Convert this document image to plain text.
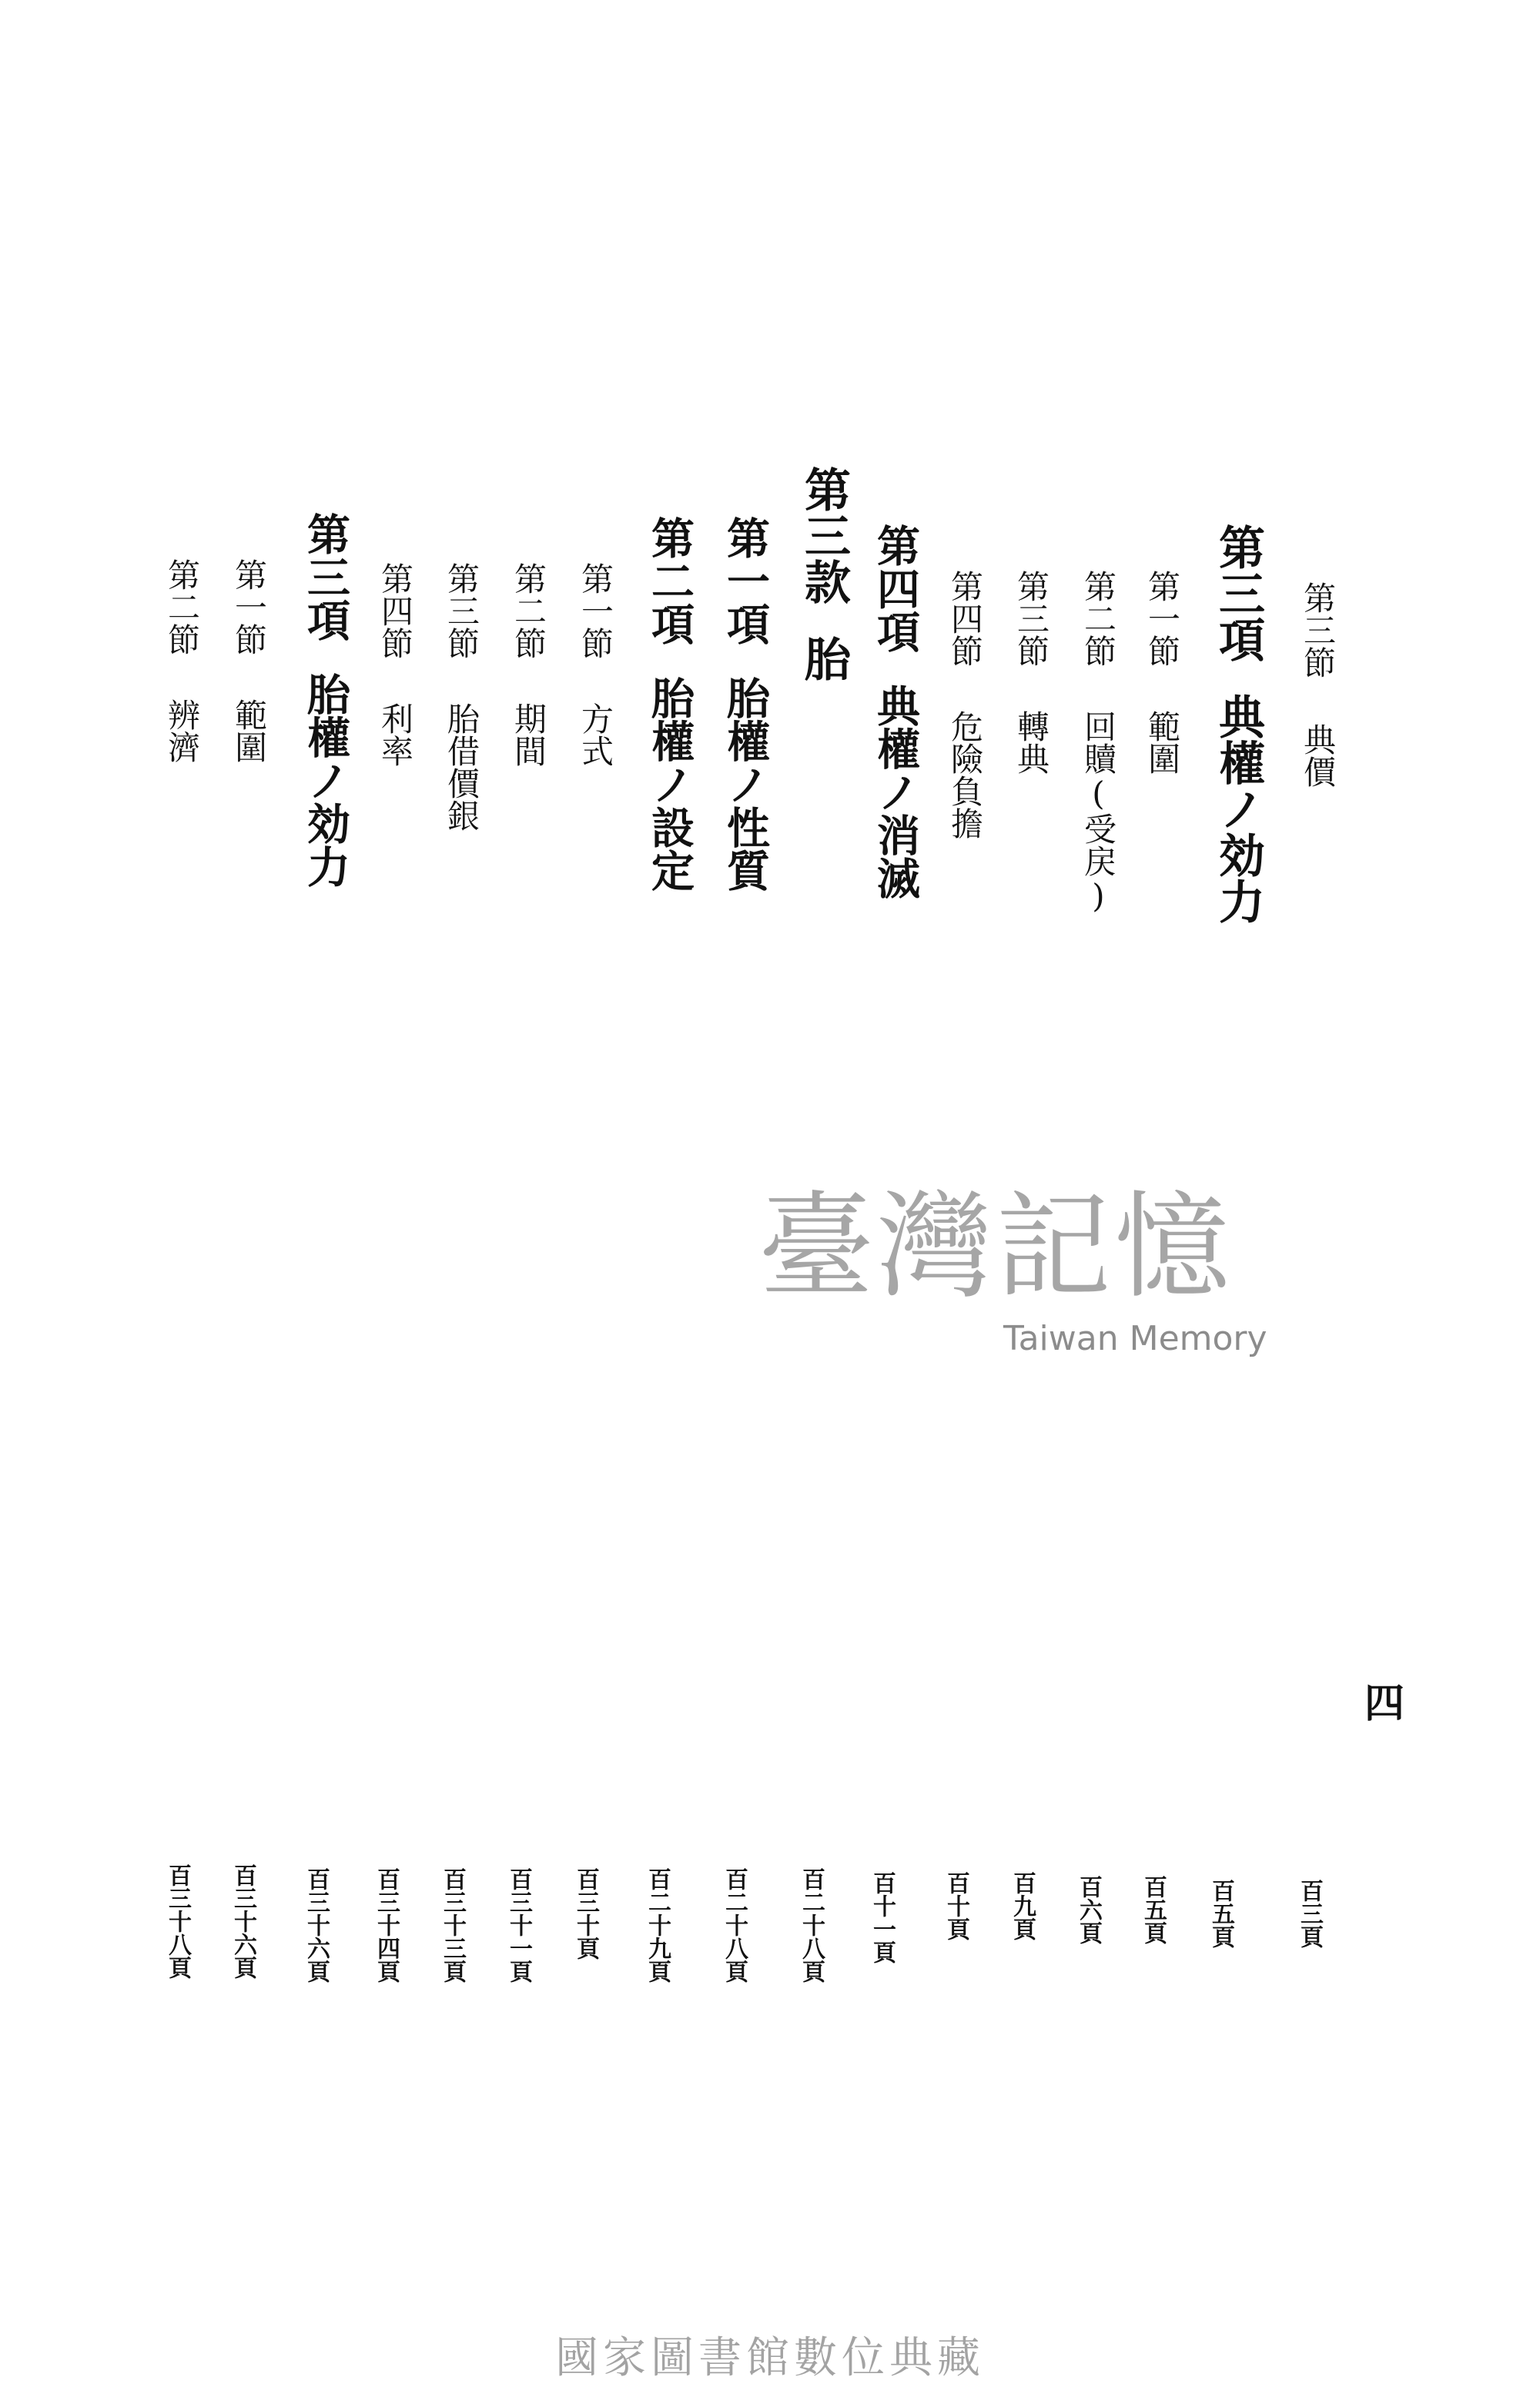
第三節典價
百三頁
第三項典權ノ効力
百五頁
第一節範圍
百五頁
第二節回贖(受戻)
百六頁
第三節轉典
百九頁
第四節危險負擔
百十頁
第四項典權ノ消滅
百十一頁
第三款胎
百二十八頁
第一項胎權ノ性質
百二十八頁
第二項胎權ノ設定
百二十九頁
第一節方式
百三十頁
第二節期間
百三十一頁
第三節胎借價銀
百三十三頁
第四節利率
百三十四頁
第三項胎權ノ効力
百三十六頁
第一節範圍
百三十六頁
第二節辨濟
百三十八頁
臺灣記憶
Taiwan Memory
四
國家圖書館數位典藏
